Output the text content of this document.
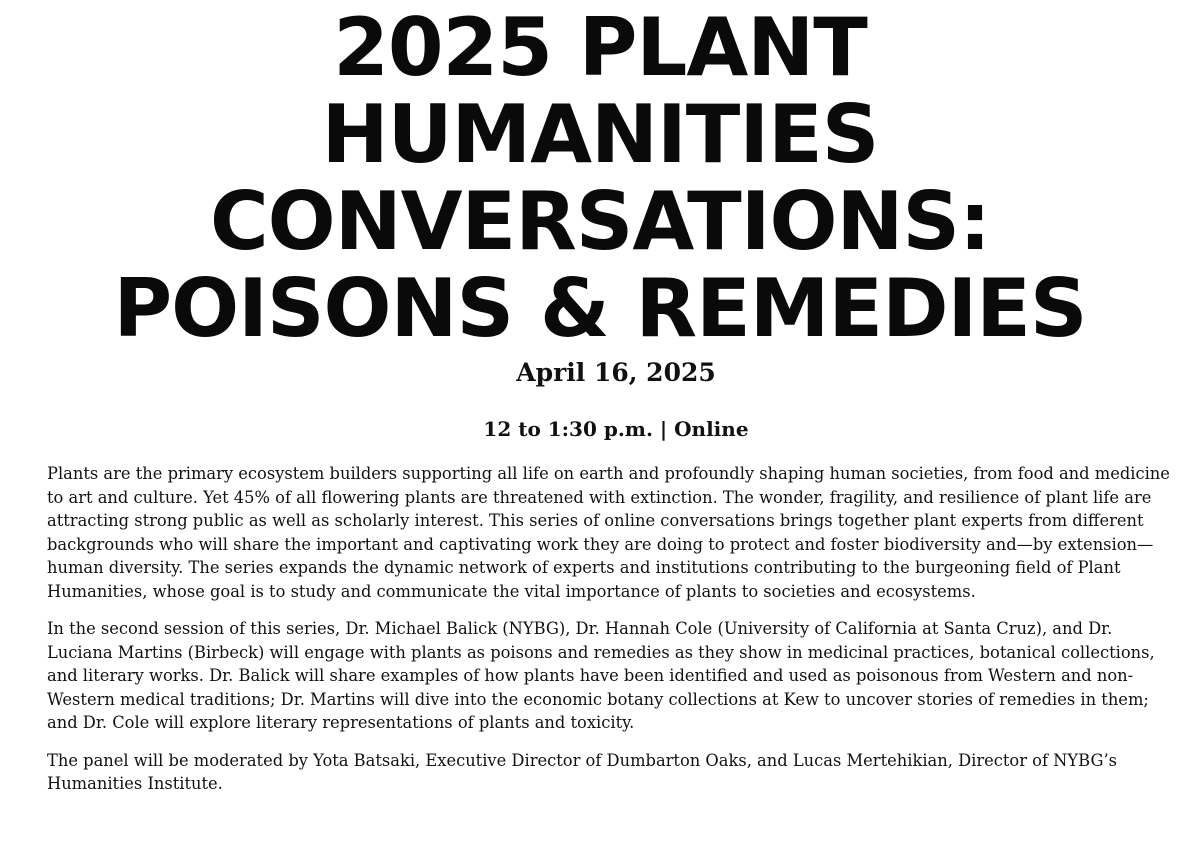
2025 PLANT
HUMANITIES
CONVERSATIONS:
POISONS & REMEDIES

April 16, 2025

12 to 1:30 p.m. | Online

Plants are the primary ecosystem builders supporting all life on earth and profoundly shaping human societies, from food and medicine to art and culture. Yet 45% of all flowering plants are threatened with extinction. The wonder, fragility, and resilience of plant life are attracting strong public as well as scholarly interest. This series of online conversations brings together plant experts from different backgrounds who will share the important and captivating work they are doing to protect and foster biodiversity and—by extension—human diversity. The series expands the dynamic network of experts and institutions contributing to the burgeoning field of Plant Humanities, whose goal is to study and communicate the vital importance of plants to societies and ecosystems.

In the second session of this series, Dr. Michael Balick (NYBG), Dr. Hannah Cole (University of California at Santa Cruz), and Dr. Luciana Martins (Birbeck) will engage with plants as poisons and remedies as they show in medicinal practices, botanical collections, and literary works. Dr. Balick will share examples of how plants have been identified and used as poisonous from Western and non-Western medical traditions; Dr. Martins will dive into the economic botany collections at Kew to uncover stories of remedies in them; and Dr. Cole will explore literary representations of plants and toxicity.

The panel will be moderated by Yota Batsaki, Executive Director of Dumbarton Oaks, and Lucas Mertehikian, Director of NYBG’s Humanities Institute.
